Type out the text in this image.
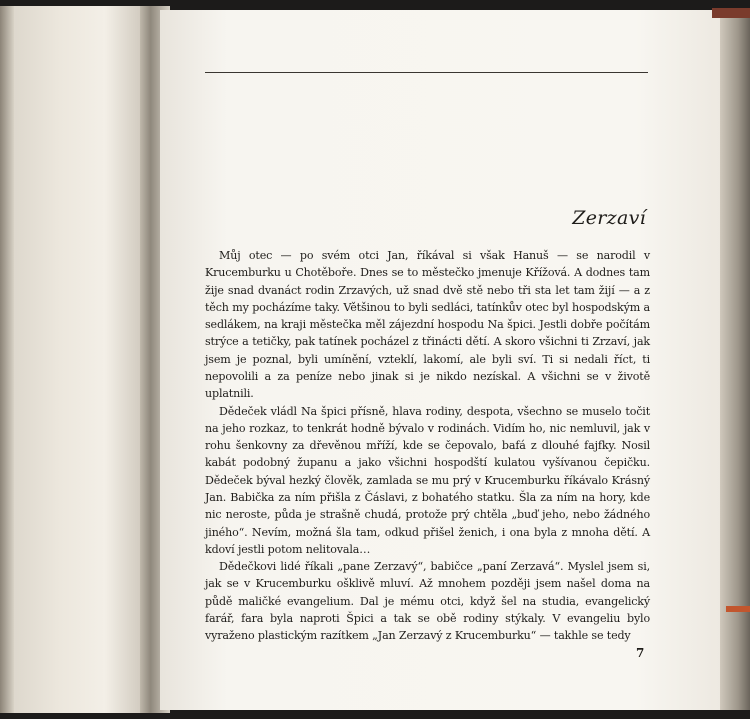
Zerzaví

Můj otec — po svém otci Jan, říkával si však Hanuš — se narodil v Krucemburku u Chotěboře. Dnes se to městečko jmenuje Křížová. A dodnes tam žije snad dvanáct rodin Zrzavých, už snad dvě stě nebo tři sta let tam žijí — a z těch my pocházíme taky. Většinou to byli sedláci, tatínkův otec byl hospodským a sedlákem, na kraji městečka měl zájezdní hospodu Na špici. Jestli dobře počítám strýce a tetičky, pak tatínek pocházel z třinácti dětí. A skoro všichni ti Zrzaví, jak jsem je poznal, byli umínění, vzteklí, lakomí, ale byli sví. Ti si nedali říct, ti nepovolili a za peníze nebo jinak si je nikdo nezískal. A všichni se v životě uplatnili.

Dědeček vládl Na špici přísně, hlava rodiny, despota, všechno se muselo točit na jeho rozkaz, to tenkrát hodně bývalo v rodinách. Vidím ho, nic nemluvil, jak v rohu šenkovny za dřevěnou mříží, kde se čepovalo, bafá z dlouhé fajfky. Nosil kabát podobný županu a jako všichni hospodští kulatou vyšívanou čepičku. Dědeček býval hezký člověk, zamlada se mu prý v Krucemburku říkávalo Krásný Jan. Babička za ním přišla z Čáslavi, z bohatého statku. Šla za ním na hory, kde nic neroste, půda je strašně chudá, protože prý chtěla „buď jeho, nebo žádného jiného“. Nevím, možná šla tam, odkud přišel ženich, i ona byla z mnoha dětí. A kdoví jestli potom nelitovala…

Dědečkovi lidé říkali „pane Zerzavý“, babičce „paní Zerzavá“. Myslel jsem si, jak se v Krucemburku ošklivě mluví. Až mnohem později jsem našel doma na půdě maličké evangelium. Dal je mému otci, když šel na studia, evangelický farář, fara byla naproti Špici a tak se obě rodiny stýkaly. V evangeliu bylo vyraženo plastickým razítkem „Jan Zerzavý z Krucemburku“ — takhle se tedy

7
